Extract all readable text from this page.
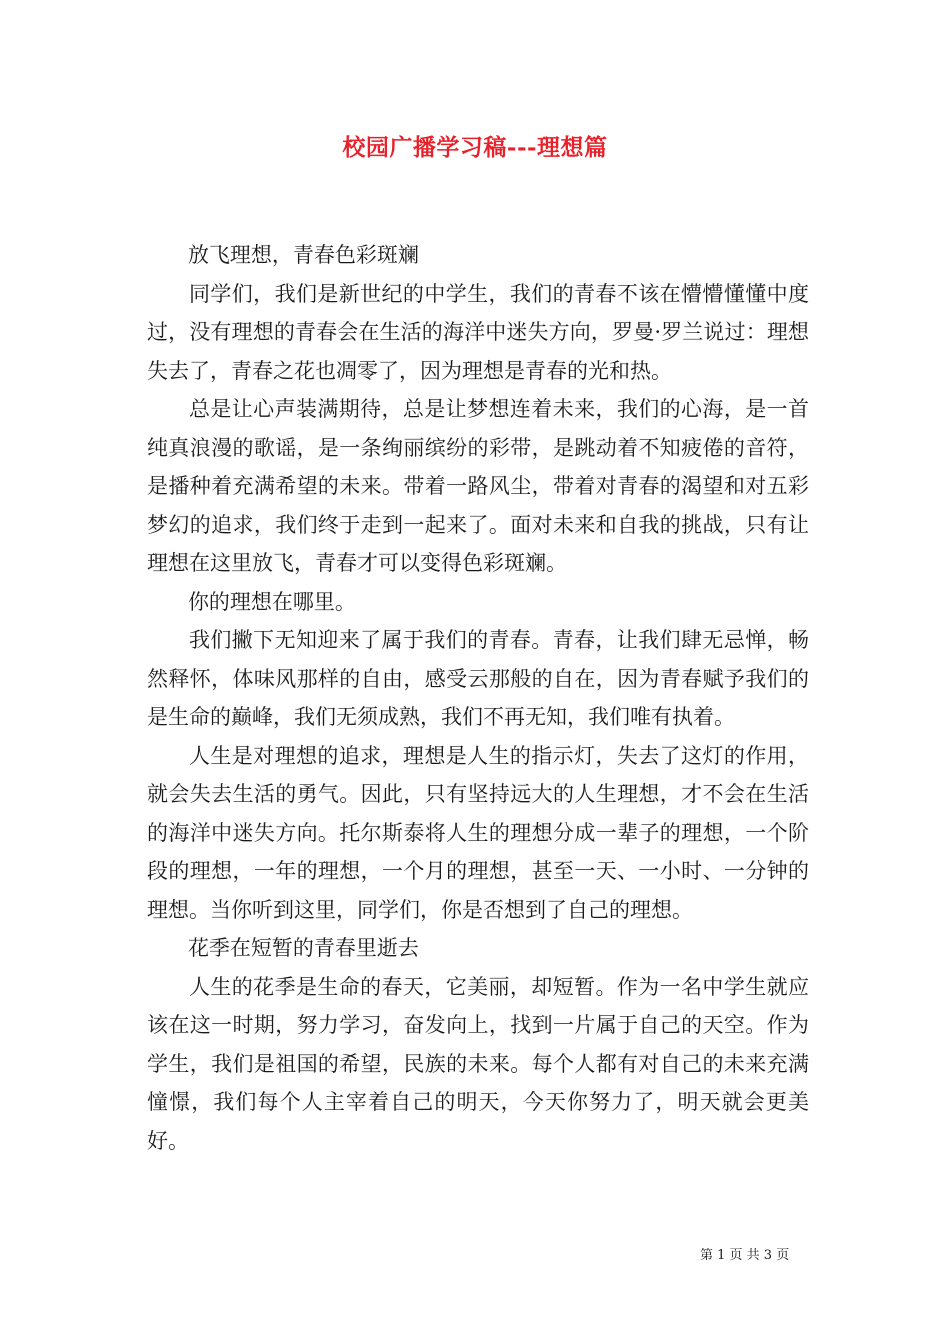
校园广播学习稿---理想篇

放飞理想，青春色彩斑斓

同学们，我们是新世纪的中学生，我们的青春不该在懵懵懂懂中度过，没有理想的青春会在生活的海洋中迷失方向，罗曼·罗兰说过：理想失去了，青春之花也凋零了，因为理想是青春的光和热。

总是让心声装满期待，总是让梦想连着未来，我们的心海，是一首纯真浪漫的歌谣，是一条绚丽缤纷的彩带，是跳动着不知疲倦的音符，是播种着充满希望的未来。带着一路风尘，带着对青春的渴望和对五彩梦幻的追求，我们终于走到一起来了。面对未来和自我的挑战，只有让理想在这里放飞，青春才可以变得色彩斑斓。

你的理想在哪里。

我们撇下无知迎来了属于我们的青春。青春，让我们肆无忌惮，畅然释怀，体味风那样的自由，感受云那般的自在，因为青春赋予我们的是生命的巅峰，我们无须成熟，我们不再无知，我们唯有执着。

人生是对理想的追求，理想是人生的指示灯，失去了这灯的作用，就会失去生活的勇气。因此，只有坚持远大的人生理想，才不会在生活的海洋中迷失方向。托尔斯泰将人生的理想分成一辈子的理想，一个阶段的理想，一年的理想，一个月的理想，甚至一天、一小时、一分钟的理想。当你听到这里，同学们，你是否想到了自己的理想。

花季在短暂的青春里逝去

人生的花季是生命的春天，它美丽，却短暂。作为一名中学生就应该在这一时期，努力学习，奋发向上，找到一片属于自己的天空。作为学生，我们是祖国的希望，民族的未来。每个人都有对自己的未来充满憧憬，我们每个人主宰着自己的明天，今天你努力了，明天就会更美好。

第 1 页 共 3 页
